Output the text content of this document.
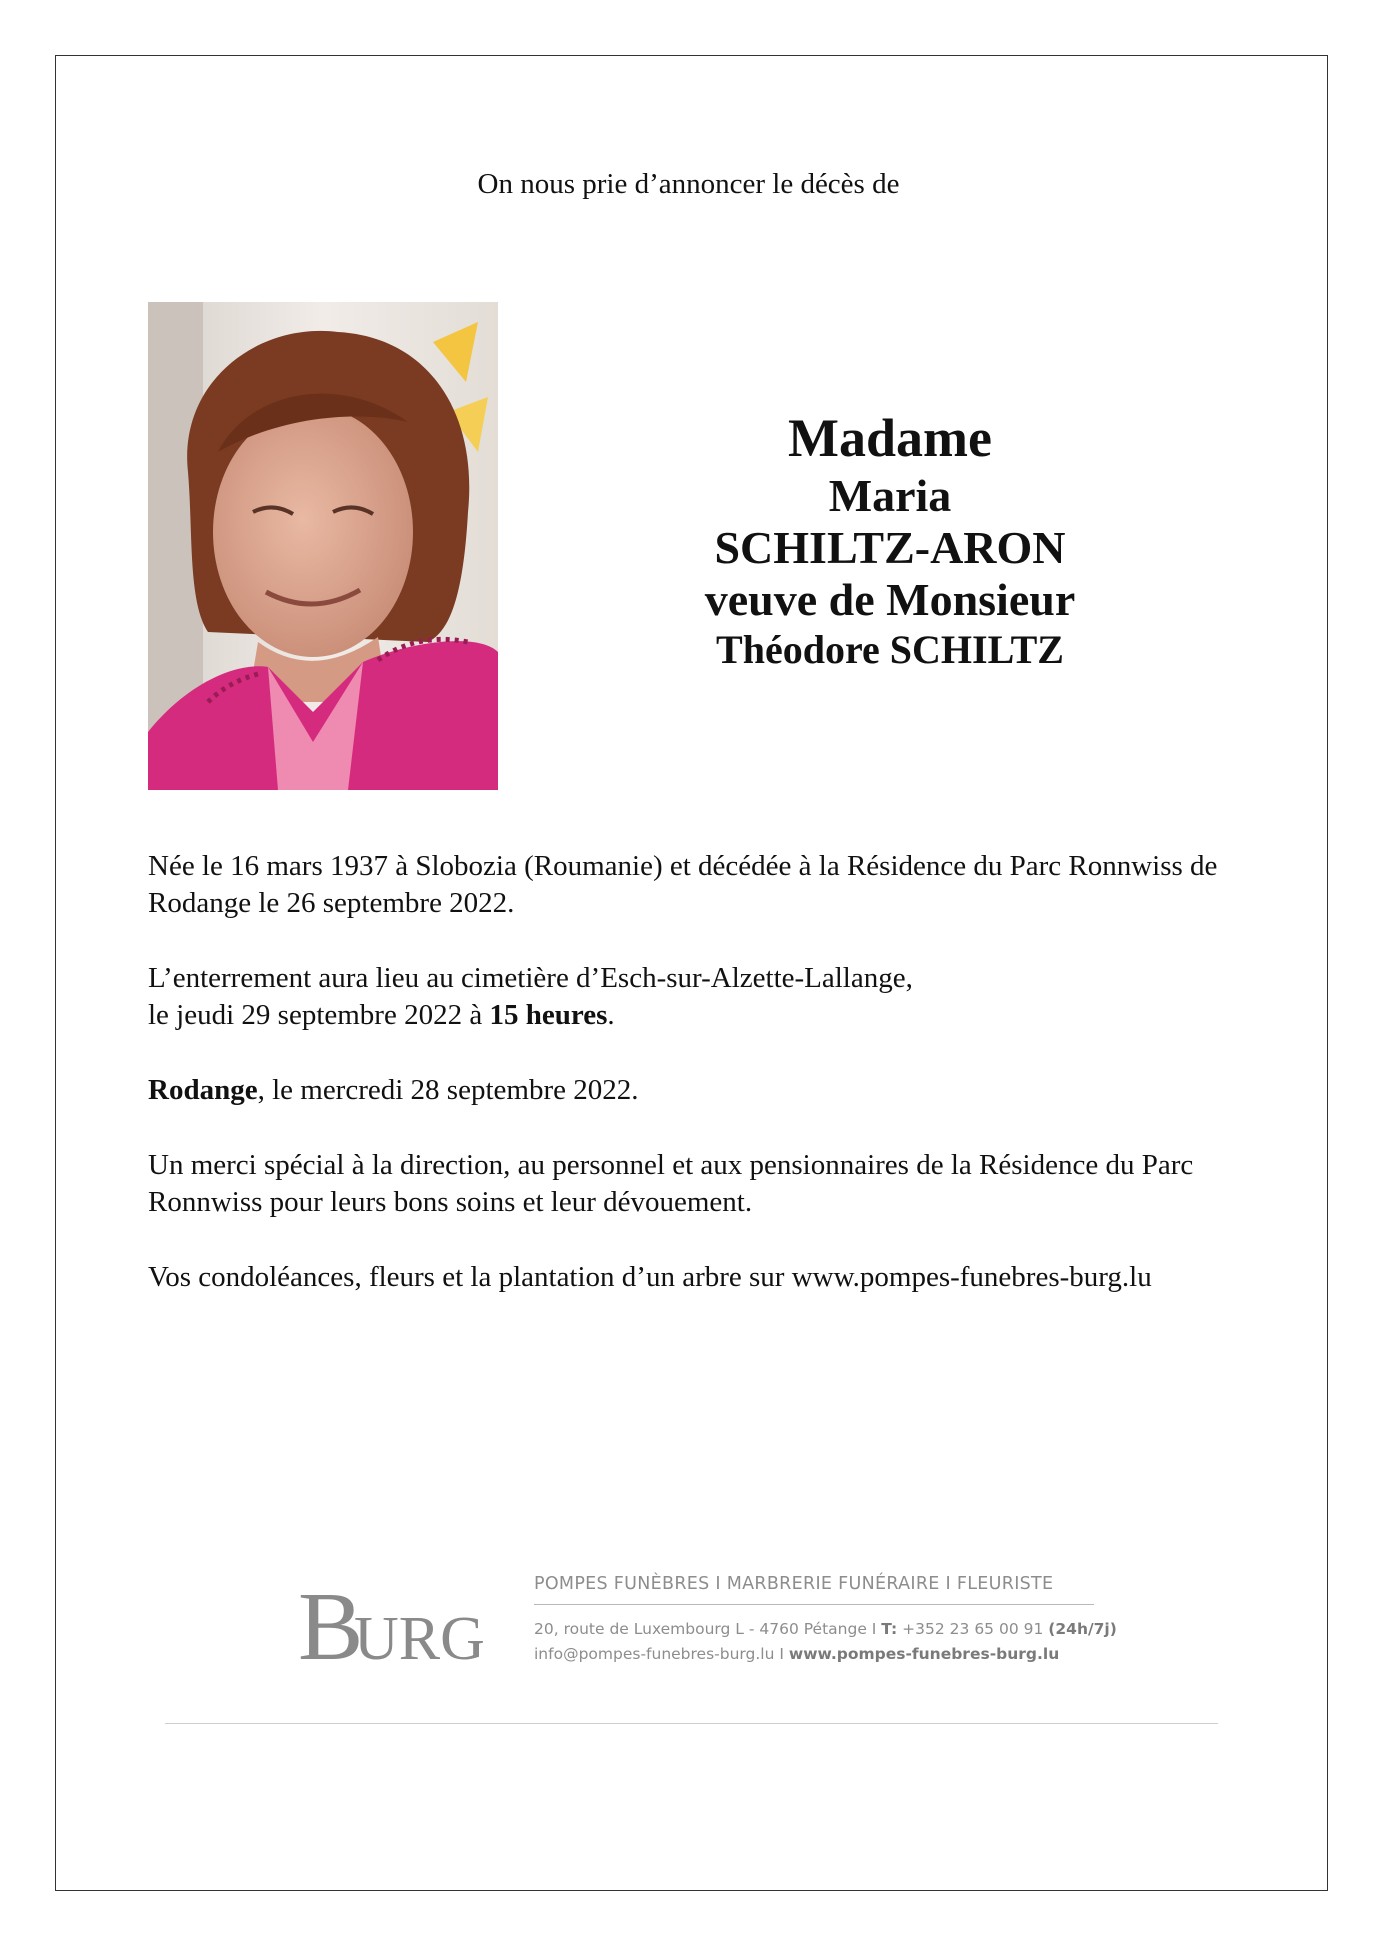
On nous prie d’annoncer le décès de
Madame
Maria
SCHILTZ-ARON
veuve de Monsieur
Théodore SCHILTZ

Née le 16 mars 1937 à Slobozia (Roumanie) et décédée à la Résidence du Parc Ronnwiss de Rodange le 26 septembre 2022.

L’enterrement aura lieu au cimetière d’Esch-sur-Alzette-Lallange,
le jeudi 29 septembre 2022 à 15 heures.

Rodange, le mercredi 28 septembre 2022.

Un merci spécial à la direction, au personnel et aux pensionnaires de la Résidence du Parc Ronnwiss pour leurs bons soins et leur dévouement.

Vos condoléances, fleurs et la plantation d’un arbre sur www.pompes-funebres-burg.lu

B
URG
POMPES FUNÈBRES I MARBRERIE FUNÉRAIRE I FLEURISTE
20, route de Luxembourg L - 4760 Pétange I T: +352 23 65 00 91 (24h/7j)
info@pompes-funebres-burg.lu I www.pompes-funebres-burg.lu
